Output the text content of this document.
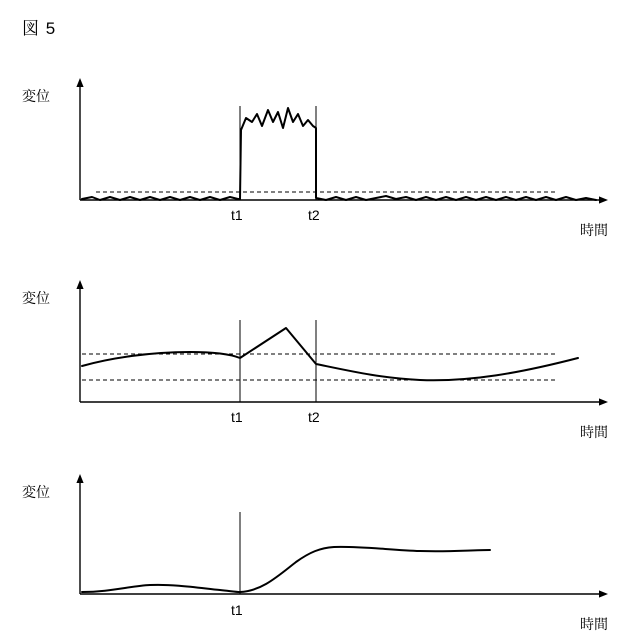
図 5
変位
時間
t1	t2
変位
時間
t1	t2
変位
時間
t1
